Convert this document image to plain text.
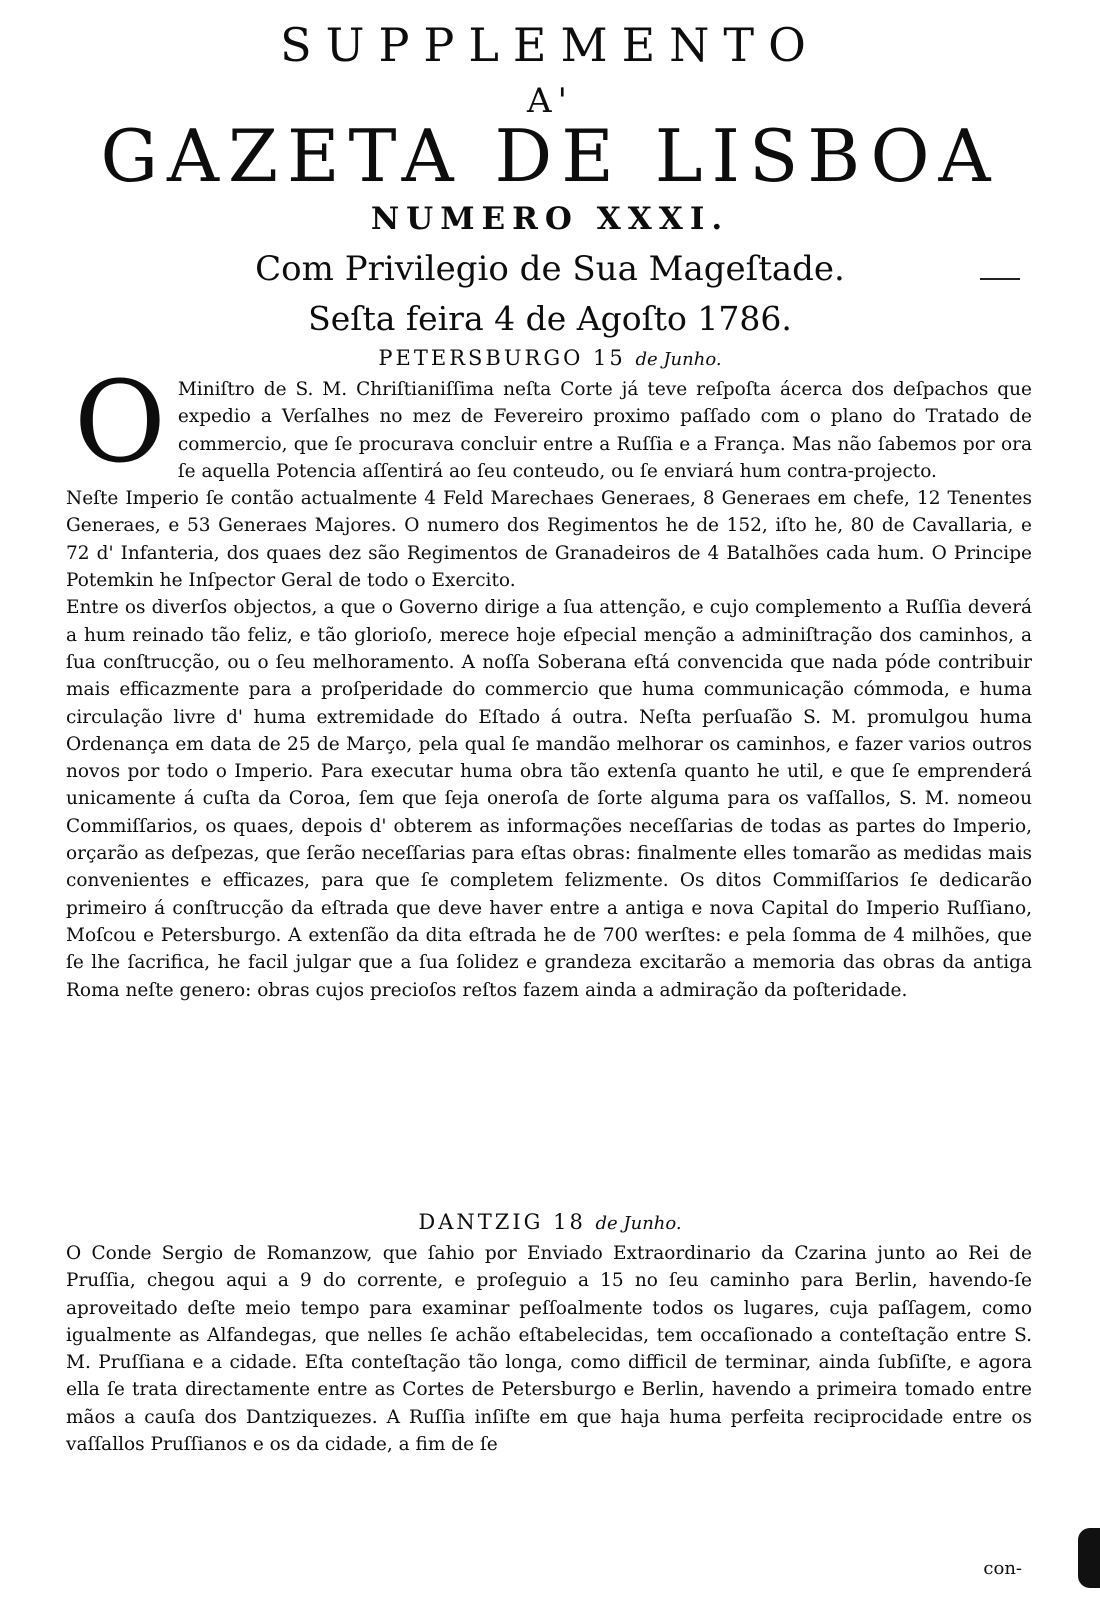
SUPPLEMENTO
A'
GAZETA DE LISBOA
NUMERO XXXI.
Com Privilegio de Sua Mageſtade.
Seſta feira 4 de Agoſto 1786.
PETERSBURGO 15 de Junho.
O Miniſtro de S. M. Chriſtianiſſima neſta Corte já teve reſpoſta ácerca dos deſpachos que expedio a Verſalhes no mez de Fevereiro proximo paſſado com o plano do Tratado de commercio, que ſe procurava concluir entre a Ruſſia e a França. Mas não ſabemos por ora ſe aquella Potencia aſſentirá ao ſeu conteudo, ou ſe enviará hum contra-projecto.

Neſte Imperio ſe contão actualmente 4 Feld Marechaes Generaes, 8 Generaes em chefe, 12 Tenentes Generaes, e 53 Generaes Majores. O numero dos Regimentos he de 152, iſto he, 80 de Cavallaria, e 72 d' Infanteria, dos quaes dez são Regimentos de Granadeiros de 4 Batalhões cada hum. O Principe Potemkin he Inſpector Geral de todo o Exercito.

Entre os diverſos objectos, a que o Governo dirige a ſua attenção, e cujo complemento a Ruſſia deverá a hum reinado tão feliz, e tão glorioſo, merece hoje eſpecial menção a adminiſtração dos caminhos, a ſua conſtrucção, ou o ſeu melhoramento. A noſſa Soberana eſtá convencida que nada póde contribuir mais efficazmente para a proſperidade do commercio que huma communicação cómmoda, e huma circulação livre d' huma extremidade do Eſtado á outra. Neſta perſuaſão S. M. promulgou huma Ordenança em data de 25 de Março, pela qual ſe mandão melhorar os caminhos, e fazer varios outros novos por todo o Imperio. Para executar huma obra tão extenſa quanto he util, e que ſe emprenderá unicamente á cuſta da Coroa, ſem que ſeja oneroſa de ſorte alguma para os vaſſallos, S. M. nomeou Commiſſarios, os quaes, depois d' obterem as informações neceſſarias de todas as partes do Imperio, orçarão as deſpezas, que ſerão neceſſarias para eſtas obras: finalmente elles tomarão as medidas mais convenientes e efficazes, para que ſe completem felizmente. Os ditos Commiſſarios ſe dedicarão primeiro á conſtrucção da eſtrada que deve haver entre a antiga e nova Capital do Imperio Ruſſiano, Moſcou e Petersburgo. A extenſão da dita eſtrada he de 700 werſtes: e pela ſomma de 4 milhões, que ſe lhe ſacrifica, he facil julgar que a ſua ſolidez e grandeza excitarão a memoria das obras da antiga Roma neſte genero: obras cujos precioſos reſtos fazem ainda a admiração da poſteridade.

DANTZIG 18 de Junho.

O Conde Sergio de Romanzow, que ſahio por Enviado Extraordinario da Czarina junto ao Rei de Pruſſia, chegou aqui a 9 do corrente, e proſeguio a 15 no ſeu caminho para Berlin, havendo-ſe aproveitado deſte meio tempo para examinar peſſoalmente todos os lugares, cuja paſſagem, como igualmente as Alfandegas, que nelles ſe achão eſtabelecidas, tem occaſionado a conteſtação entre S. M. Pruſſiana e a cidade. Eſta conteſtação tão longa, como difficil de terminar, ainda ſubſiſte, e agora ella ſe trata directamente entre as Cortes de Petersburgo e Berlin, havendo a primeira tomado entre mãos a cauſa dos Dantziquezes. A Ruſſia inſiſte em que haja huma perfeita reciprocidade entre os vaſſallos Pruſſianos e os da cidade, a fim de ſe

con-
